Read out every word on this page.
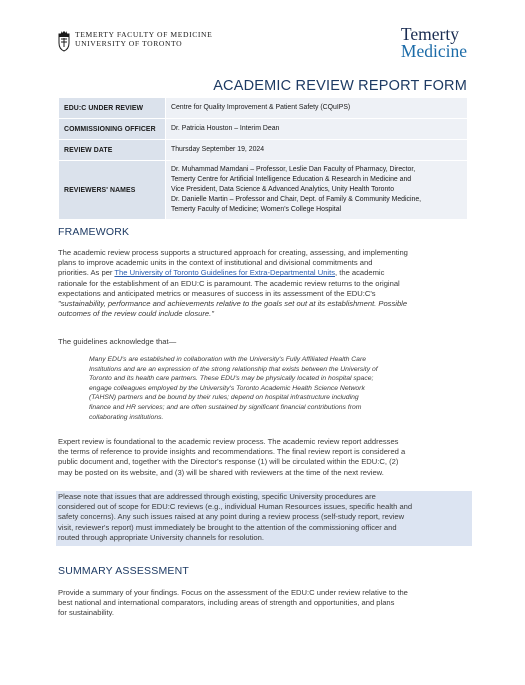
TEMERTY FACULTY OF MEDICINE
UNIVERSITY OF TORONTO	Temerty
Medicine
ACADEMIC REVIEW REPORT FORM
EDU:C UNDER REVIEW	Centre for Quality Improvement & Patient Safety (CQuIPS)
COMMISSIONING OFFICER	Dr. Patricia Houston – Interim Dean
REVIEW DATE	Thursday September 19, 2024
REVIEWERS' NAMES	Dr. Muhammad Mamdani – Professor, Leslie Dan Faculty of Pharmacy, Director,
Temerty Centre for Artificial Intelligence Education & Research in Medicine and
Vice President, Data Science & Advanced Analytics, Unity Health Toronto
Dr. Danielle Martin – Professor and Chair, Dept. of Family & Community Medicine,
Temerty Faculty of Medicine; Women's College Hospital
FRAMEWORK
The academic review process supports a structured approach for creating, assessing, and implementing
plans to improve academic units in the context of institutional and divisional commitments and
priorities. As per The University of Toronto Guidelines for Extra-Departmental Units, the academic
rationale for the establishment of an EDU:C is paramount. The academic review returns to the original
expectations and anticipated metrics or measures of success in its assessment of the EDU:C's
"sustainability, performance and achievements relative to the goals set out at its establishment. Possible
outcomes of the review could include closure."
The guidelines acknowledge that—
Many EDU's are established in collaboration with the University's Fully Affiliated Health Care
Institutions and are an expression of the strong relationship that exists between the University of
Toronto and its health care partners. These EDU's may be physically located in hospital space;
engage colleagues employed by the University's Toronto Academic Health Science Network
(TAHSN) partners and be bound by their rules; depend on hospital infrastructure including
finance and HR services; and are often sustained by significant financial contributions from
collaborating institutions.
Expert review is foundational to the academic review process. The academic review report addresses
the terms of reference to provide insights and recommendations. The final review report is considered a
public document and, together with the Director's response (1) will be circulated within the EDU:C, (2)
may be posted on its website, and (3) will be shared with reviewers at the time of the next review.

Please note that issues that are addressed through existing, specific University procedures are

considered out of scope for EDU:C reviews (e.g., individual Human Resources issues, specific health and

safety concerns). Any such issues raised at any point during a review process (self-study report, review

visit, reviewer's report) must immediately be brought to the attention of the commissioning officer and

routed through appropriate University channels for resolution.

SUMMARY ASSESSMENT
Provide a summary of your findings. Focus on the assessment of the EDU:C under review relative to the
best national and international comparators, including areas of strength and opportunities, and plans
for sustainability.
